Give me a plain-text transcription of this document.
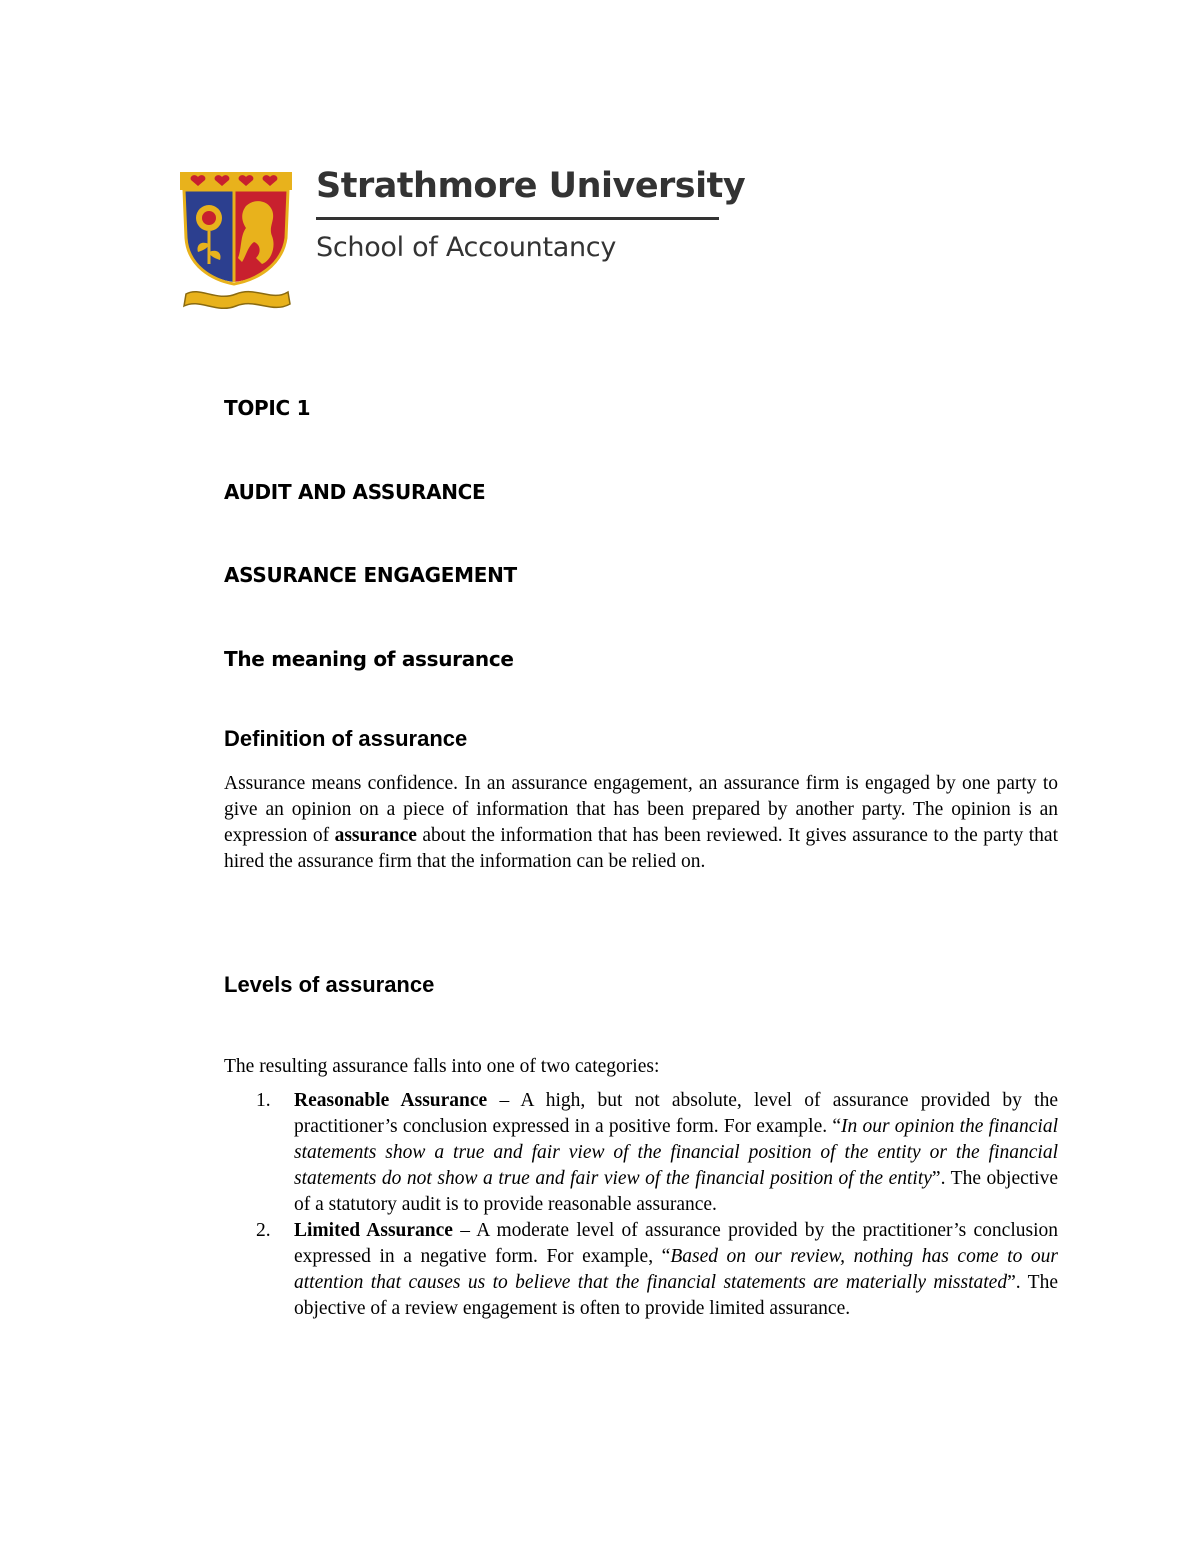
Strathmore University
School of Accountancy
TOPIC 1
AUDIT AND ASSURANCE
ASSURANCE ENGAGEMENT
The meaning of assurance
Definition of assurance

Assurance means confidence. In an assurance engagement, an assurance firm is engaged by one party to give an opinion on a piece of information that has been prepared by another party. The opinion is an expression of assurance about the information that has been reviewed. It gives assurance to the party that hired the assurance firm that the information can be relied on.

Levels of assurance
The resulting assurance falls into one of two categories:
1. Reasonable Assurance – A high, but not absolute, level of assurance provided by the practitioner’s conclusion expressed in a positive form. For example. “In our opinion the financial statements show a true and fair view of the financial position of the entity or the financial statements do not show a true and fair view of the financial position of the entity”. The objective of a statutory audit is to provide reasonable assurance.
2. Limited Assurance – A moderate level of assurance provided by the practitioner’s conclusion expressed in a negative form. For example, “Based on our review, nothing has come to our attention that causes us to believe that the financial statements are materially misstated”. The objective of a review engagement is often to provide limited assurance.
